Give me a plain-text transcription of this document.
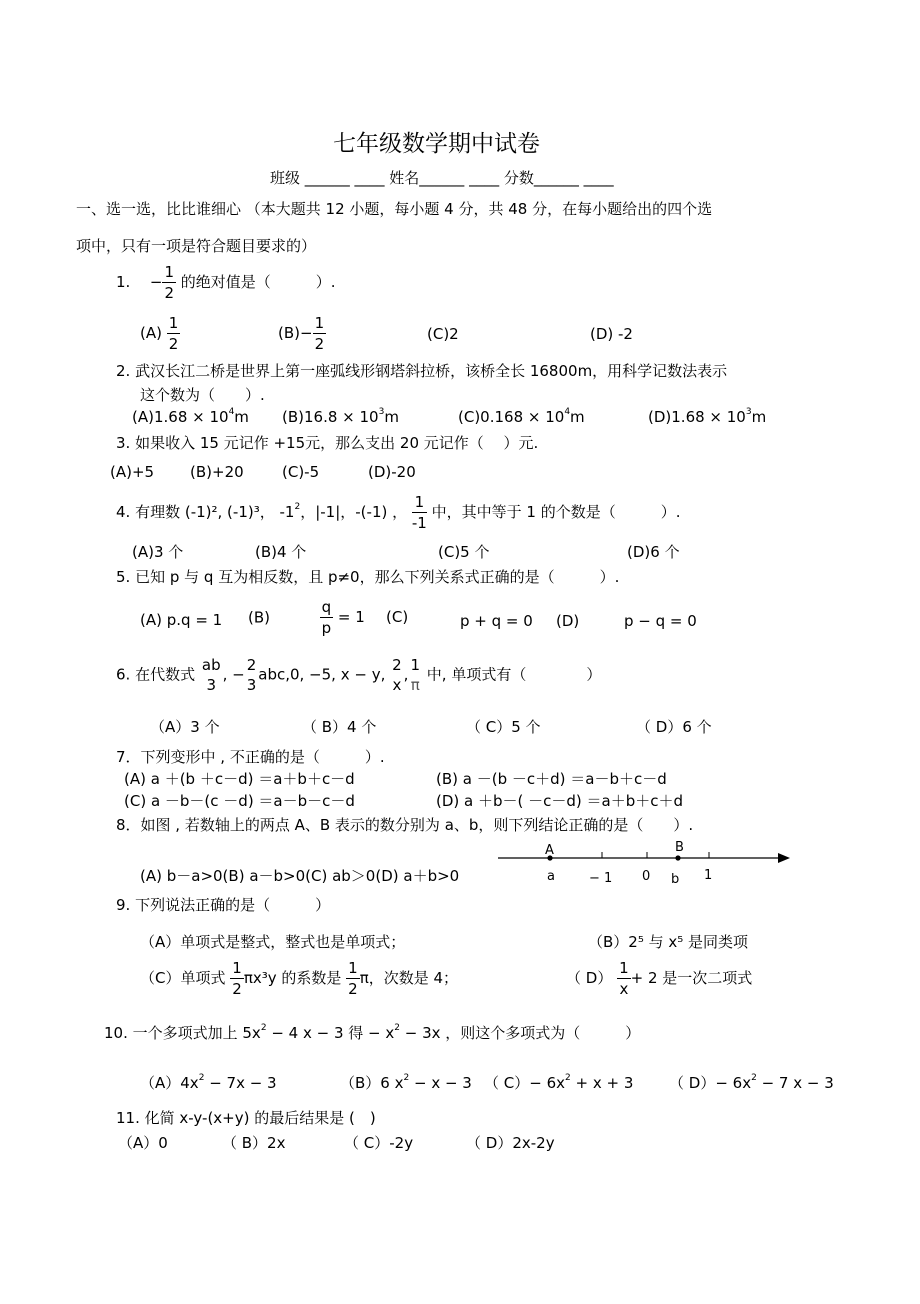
七年级数学期中试卷
班级 ______ ____ 姓名______ ____ 分数______ ____
一、选一选，比比谁细心 （本大题共 12 小题，每小题 4 分，共 48 分，在每小题给出的四个选
项中，只有一项是符合题目要求的）
1. − $\frac{1}{2}$ 的绝对值是（　　　）.
$(A) \frac{1}{2}$	$(B)- \frac{1}{2}$	(C)2	(D) -2
2. 武汉长江二桥是世界上第一座弧线形钢塔斜拉桥，该桥全长 16800m，用科学记数法表示
这个数为（　　）.
$(A)1.68 \times 10^4m$ $(B)16.8 \times 10^3m$	$(C)0.168 \times 10^4m$	$(D)1.68 \times 10^3m$
3. 如果收入 15 元记作 +15元，那么支出 20 元记作（　 ）元.
(A)+5 (B)+20	(C)-5	(D)-20
4. 有理数 (-1)², (-1)³， $-1^2$，|-1|，-(-1) ， $\frac{1}{-1}$ 中，其中等于 1 的个数是（　　　）.
(A)3 个	(B)4 个	(C)5 个	(D)6 个
5. 已知 p 与 q 互为相反数，且 p≠0，那么下列关系式正确的是（　　　）.
(A) p.q = 1 (B)	$\frac{q}{p} = 1$ (C)	p + q = 0 (D)	p − q = 0
6. 在代数式
ab
3
, −
2
3
abc,0, −5, x − y,
2
x
,
1
π
中, 单项式有（　　　　）
（A）3 个	（ B）4 个	（ C）5 个	（ D）6 个
7．下列变形中 , 不正确的是（　　　）.
(A) a ＋(b ＋c－d) ＝a＋b＋c－d	(B) a －(b －c＋d) ＝a－b＋c－d
(C) a －b－(c －d) ＝a－b－c－d	(D) a ＋b－( －c－d) ＝a＋b＋c＋d
8．如图 , 若数轴上的两点 A、B 表示的数分别为 a、b，则下列结论正确的是（　　）.
(A) b－a>0(B) a－b>0(C) ab＞0(D) a＋b>0
A	B
a	− 1 0 b 1
9. 下列说法正确的是（　　　）
（A）单项式是整式，整式也是单项式；	（B）2⁵ 与 x⁵ 是同类项
（C）单项式 $\frac{1}{2} \pi x^3y$ 的系数是 $\frac{1}{2}$ π，次数是 4；	（ $D) \frac{1}{x} + 2$ 是一次二项式
10. 一个多项式加上 $5x^2 - 4$ x − 3 得 − $x^2 - 3x$ ，则这个多项式为（　　　）
$(A)4x^2 - 7x - 3$	（B）6 $x^2 - x - 3$ （ $C)- 6x^2 + x + 3$ （ $D)- 6x^2 - 7$ x − 3
11. 化简 x-y-(x+y) 的最后结果是 (　)
（A）0	（ B）2x	（ C）-2y	（ D）2x-2y
